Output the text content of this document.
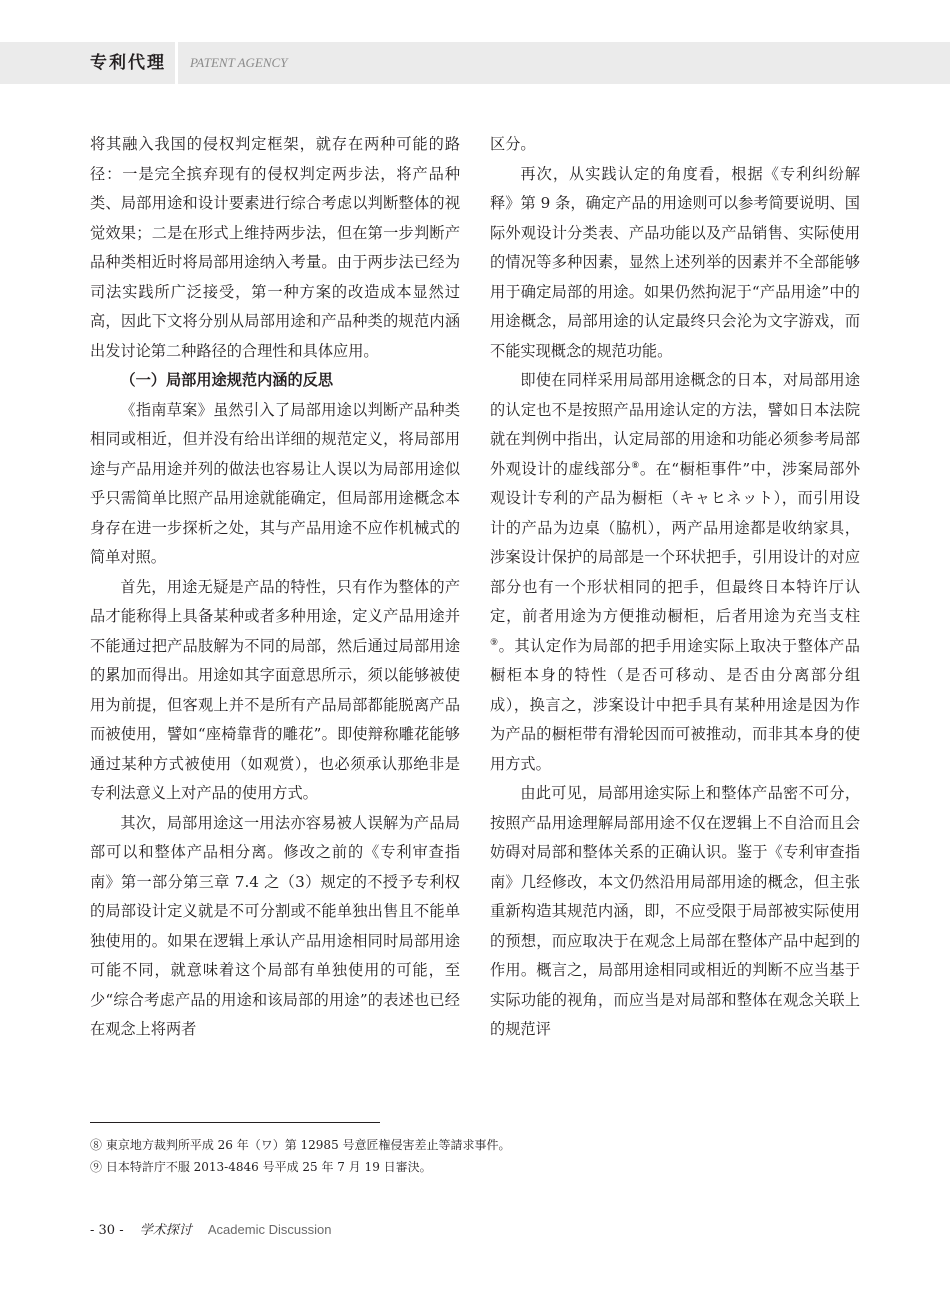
专利代理 PATENT AGENCY

将其融入我国的侵权判定框架，就存在两种可能的路径：一是完全摈弃现有的侵权判定两步法，将产品种类、局部用途和设计要素进行综合考虑以判断整体的视觉效果；二是在形式上维持两步法，但在第一步判断产品种类相近时将局部用途纳入考量。由于两步法已经为司法实践所广泛接受，第一种方案的改造成本显然过高，因此下文将分别从局部用途和产品种类的规范内涵出发讨论第二种路径的合理性和具体应用。

（一）局部用途规范内涵的反思

《指南草案》虽然引入了局部用途以判断产品种类相同或相近，但并没有给出详细的规范定义，将局部用途与产品用途并列的做法也容易让人误以为局部用途似乎只需简单比照产品用途就能确定，但局部用途概念本身存在进一步探析之处，其与产品用途不应作机械式的简单对照。

首先，用途无疑是产品的特性，只有作为整体的产品才能称得上具备某种或者多种用途，定义产品用途并不能通过把产品肢解为不同的局部，然后通过局部用途的累加而得出。用途如其字面意思所示，须以能够被使用为前提，但客观上并不是所有产品局部都能脱离产品而被使用，譬如“座椅靠背的雕花”。即使辩称雕花能够通过某种方式被使用（如观赏），也必须承认那绝非是专利法意义上对产品的使用方式。

其次，局部用途这一用法亦容易被人误解为产品局部可以和整体产品相分离。修改之前的《专利审查指南》第一部分第三章 7.4 之（3）规定的不授予专利权的局部设计定义就是不可分割或不能单独出售且不能单独使用的。如果在逻辑上承认产品用途相同时局部用途可能不同，就意味着这个局部有单独使用的可能，至少“综合考虑产品的用途和该局部的用途”的表述也已经在观念上将两者

区分。

再次，从实践认定的角度看，根据《专利纠纷解释》第 9 条，确定产品的用途则可以参考简要说明、国际外观设计分类表、产品功能以及产品销售、实际使用的情况等多种因素，显然上述列举的因素并不全部能够用于确定局部的用途。如果仍然拘泥于“产品用途”中的用途概念，局部用途的认定最终只会沦为文字游戏，而不能实现概念的规范功能。

即使在同样采用局部用途概念的日本，对局部用途的认定也不是按照产品用途认定的方法，譬如日本法院就在判例中指出，认定局部的用途和功能必须参考局部外观设计的虚线部分⑧。在“橱柜事件”中，涉案局部外观设计专利的产品为橱柜（キャヒネット），而引用设计的产品为边桌（脇机），两产品用途都是收纳家具，涉案设计保护的局部是一个环状把手，引用设计的对应部分也有一个形状相同的把手，但最终日本特许厅认定，前者用途为方便推动橱柜，后者用途为充当支柱⑨。其认定作为局部的把手用途实际上取决于整体产品橱柜本身的特性（是否可移动、是否由分离部分组成），换言之，涉案设计中把手具有某种用途是因为作为产品的橱柜带有滑轮因而可被推动，而非其本身的使用方式。

由此可见，局部用途实际上和整体产品密不可分，按照产品用途理解局部用途不仅在逻辑上不自洽而且会妨碍对局部和整体关系的正确认识。鉴于《专利审查指南》几经修改，本文仍然沿用局部用途的概念，但主张重新构造其规范内涵，即，不应受限于局部被实际使用的预想，而应取决于在观念上局部在整体产品中起到的作用。概言之，局部用途相同或相近的判断不应当基于实际功能的视角，而应当是对局部和整体在观念关联上的规范评

⑧ 東京地方裁判所平成 26 年（ワ）第 12985 号意匠権侵害差止等請求事件。
⑨ 日本特許庁不服 2013-4846 号平成 25 年 7 月 19 日審決。
- 30 - 学术探讨 Academic Discussion
